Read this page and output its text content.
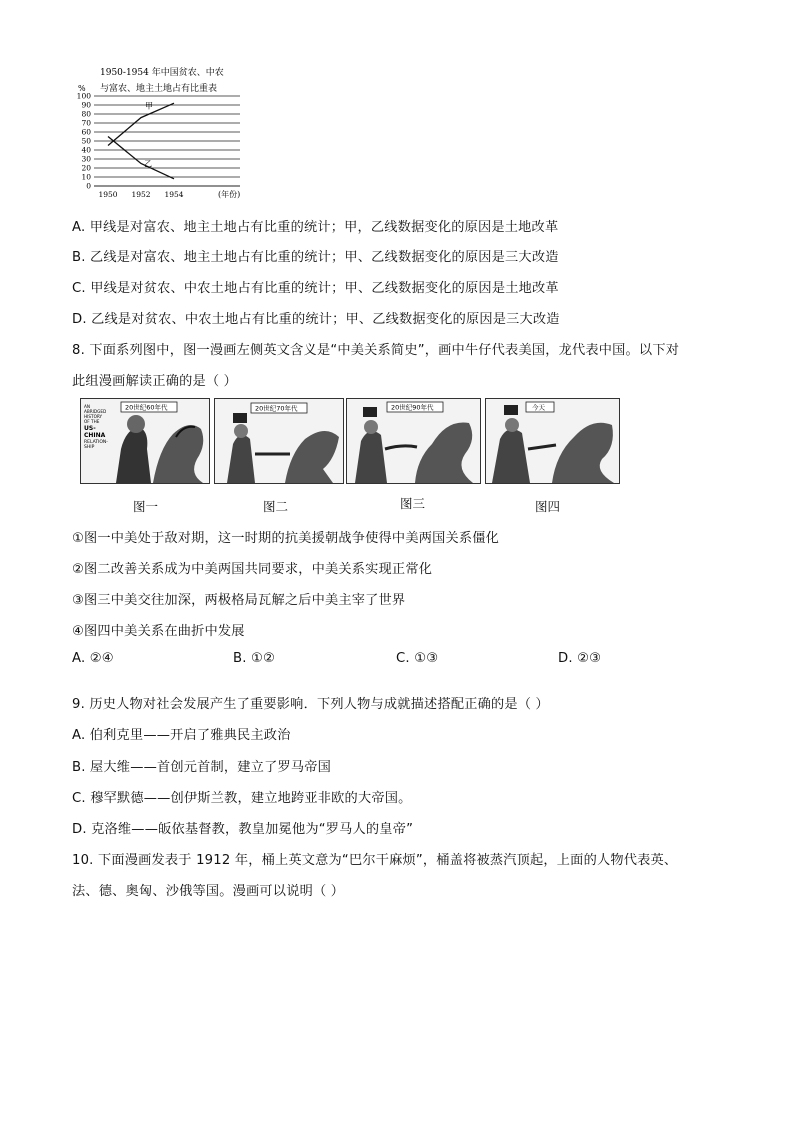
1950-1954 年中国贫农、中农
与富农、地主土地占有比重表
%
0
10
20
30
40
50
60
70
80
90
100
1950 1952 1954
甲
乙
(年份)
A. 甲线是对富农、地主土地占有比重的统计；甲，乙线数据变化的原因是土地改革
B. 乙线是对富农、地主土地占有比重的统计；甲、乙线数据变化的原因是三大改造
C. 甲线是对贫农、中农土地占有比重的统计；甲、乙线数据变化的原因是土地改革
D. 乙线是对贫农、中农土地占有比重的统计；甲、乙线数据变化的原因是三大改造
8. 下面系列图中，图一漫画左侧英文含义是“中美关系简史”，画中牛仔代表美国，龙代表中国。以下对
此组漫画解读正确的是（ ）
AN ABRIDGED HISTORY OF THE US-CHINA RELATION-SHIP
20世纪60年代	20世纪70年代	20世纪90年代	今天
图一	图二	图三	图四
①图一中美处于敌对期，这一时期的抗美援朝战争使得中美两国关系僵化
②图二改善关系成为中美两国共同要求，中美关系实现正常化
③图三中美交往加深，两极格局瓦解之后中美主宰了世界
④图四中美关系在曲折中发展
A. ②④	B. ①②	C. ①③	D. ②③
9. 历史人物对社会发展产生了重要影响．下列人物与成就描述搭配正确的是（ ）
A. 伯利克里——开启了雅典民主政治
B. 屋大维——首创元首制，建立了罗马帝国
C. 穆罕默德——创伊斯兰教，建立地跨亚非欧的大帝国。
D. 克洛维——皈依基督教，教皇加冕他为“罗马人的皇帝”
10. 下面漫画发表于 1912 年，桶上英文意为“巴尔干麻烦”，桶盖将被蒸汽顶起，上面的人物代表英、
法、德、奥匈、沙俄等国。漫画可以说明（ ）
